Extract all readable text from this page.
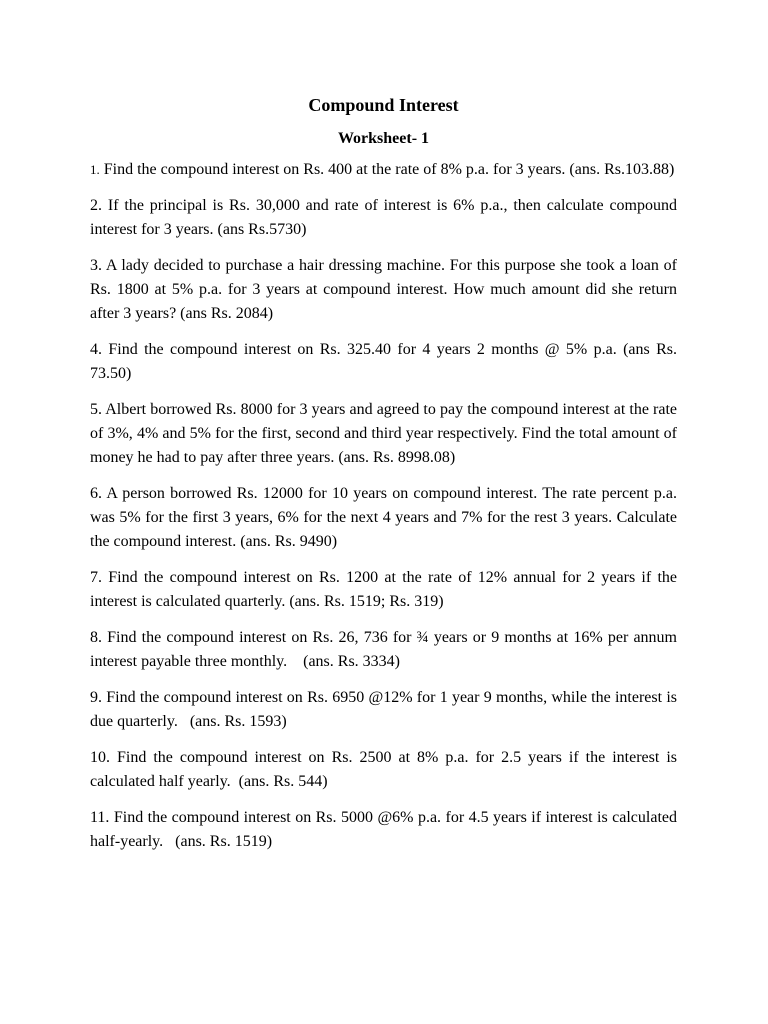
Compound Interest
Worksheet- 1
1. Find the compound interest on Rs. 400 at the rate of 8% p.a. for 3 years. (ans. Rs.103.88)
2. If the principal is Rs. 30,000 and rate of interest is 6% p.a., then calculate compound interest for 3 years. (ans Rs.5730)
3. A lady decided to purchase a hair dressing machine. For this purpose she took a loan of Rs. 1800 at 5% p.a. for 3 years at compound interest. How much amount did she return after 3 years? (ans Rs. 2084)
4. Find the compound interest on Rs. 325.40 for 4 years 2 months @ 5% p.a. (ans Rs. 73.50)
5. Albert borrowed Rs. 8000 for 3 years and agreed to pay the compound interest at the rate of 3%, 4% and 5% for the first, second and third year respectively. Find the total amount of money he had to pay after three years. (ans. Rs. 8998.08)
6. A person borrowed Rs. 12000 for 10 years on compound interest. The rate percent p.a. was 5% for the first 3 years, 6% for the next 4 years and 7% for the rest 3 years. Calculate the compound interest. (ans. Rs. 9490)
7. Find the compound interest on Rs. 1200 at the rate of 12% annual for 2 years if the interest is calculated quarterly. (ans. Rs. 1519; Rs. 319)
8. Find the compound interest on Rs. 26, 736 for ¾ years or 9 months at 16% per annum interest payable three monthly.    (ans. Rs. 3334)
9. Find the compound interest on Rs. 6950 @12% for 1 year 9 months, while the interest is due quarterly.   (ans. Rs. 1593)
10. Find the compound interest on Rs. 2500 at 8% p.a. for 2.5 years if the interest is calculated half yearly.  (ans. Rs. 544)
11. Find the compound interest on Rs. 5000 @6% p.a. for 4.5 years if interest is calculated half-yearly.   (ans. Rs. 1519)
